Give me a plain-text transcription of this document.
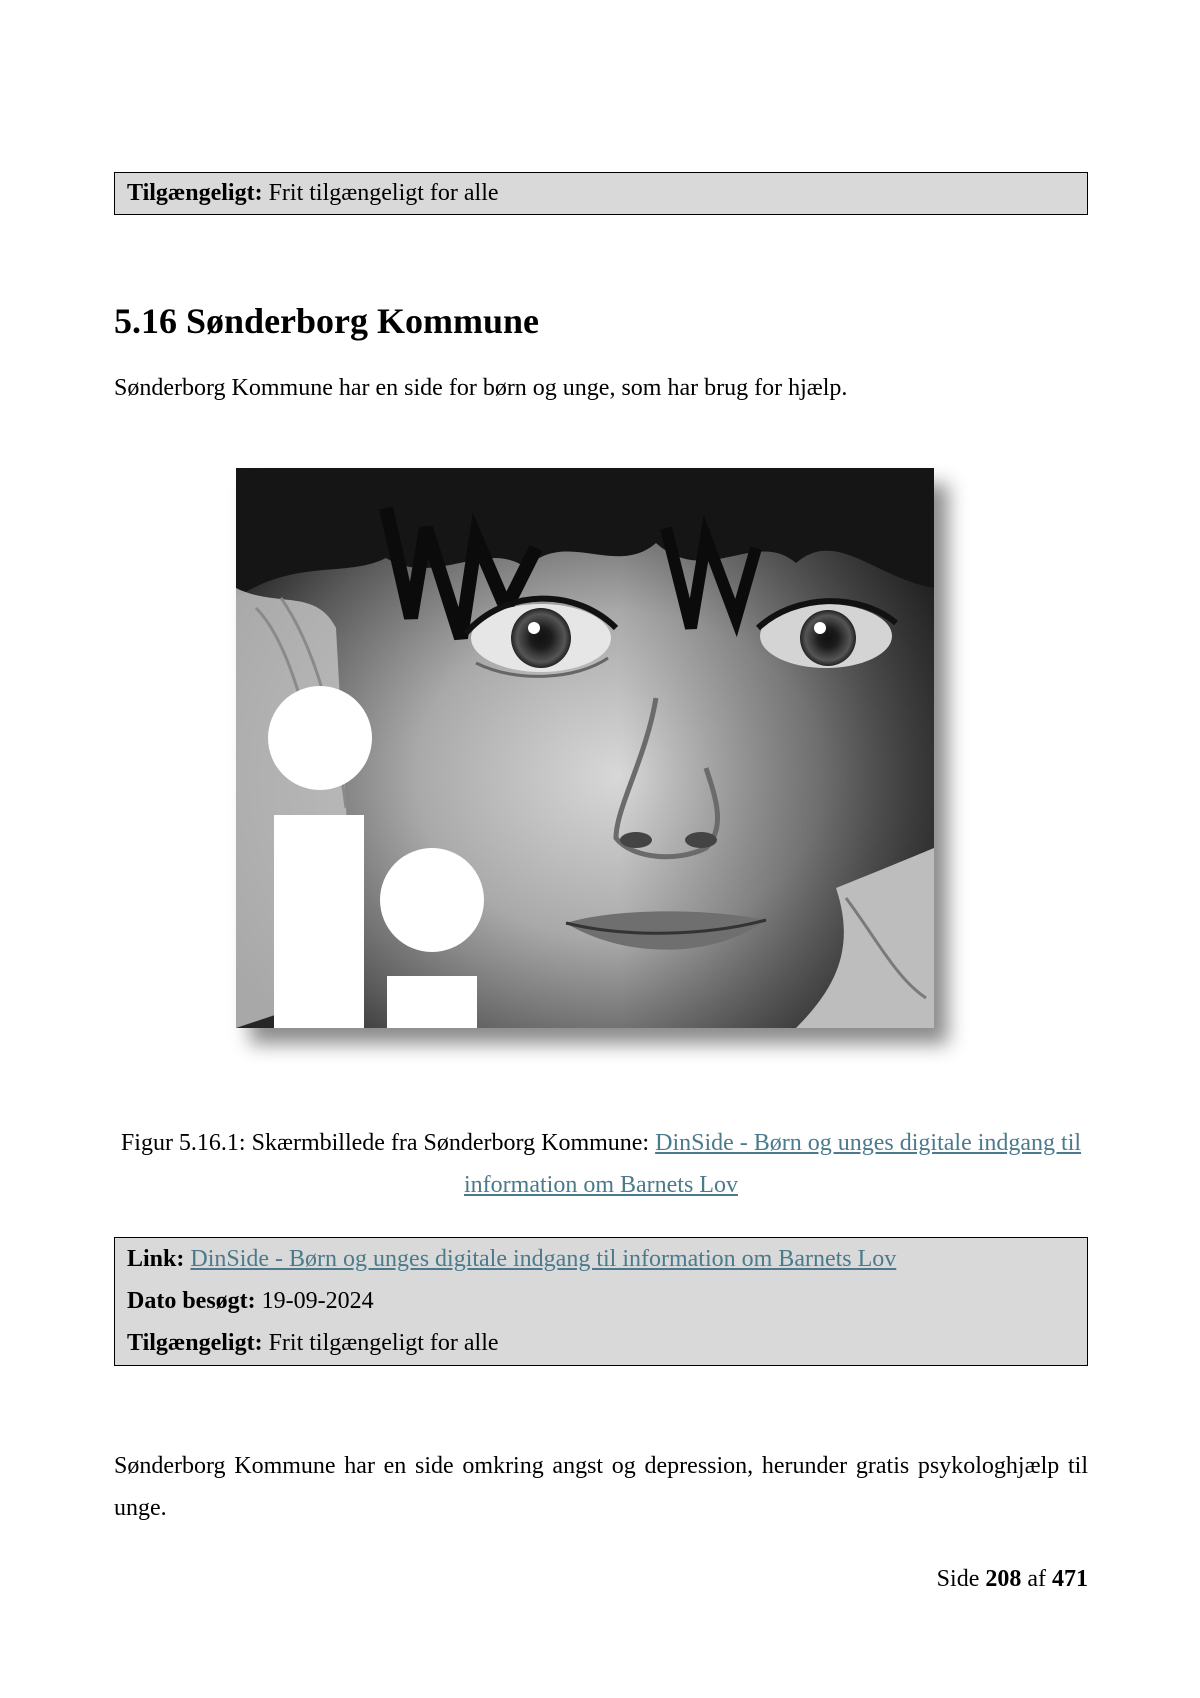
Tilgængeligt: Frit tilgængeligt for alle
5.16 Sønderborg Kommune

Sønderborg Kommune har en side for børn og unge, som har brug for hjælp.

Figur 5.16.1: Skærmbillede fra Sønderborg Kommune: DinSide - Børn og unges digitale indgang til information om Barnets Lov

Link: DinSide - Børn og unges digitale indgang til information om Barnets Lov
Dato besøgt: 19-09-2024
Tilgængeligt: Frit tilgængeligt for alle

Sønderborg Kommune har en side omkring angst og depression, herunder gratis psykologhjælp til unge.

Side 208 af 471
